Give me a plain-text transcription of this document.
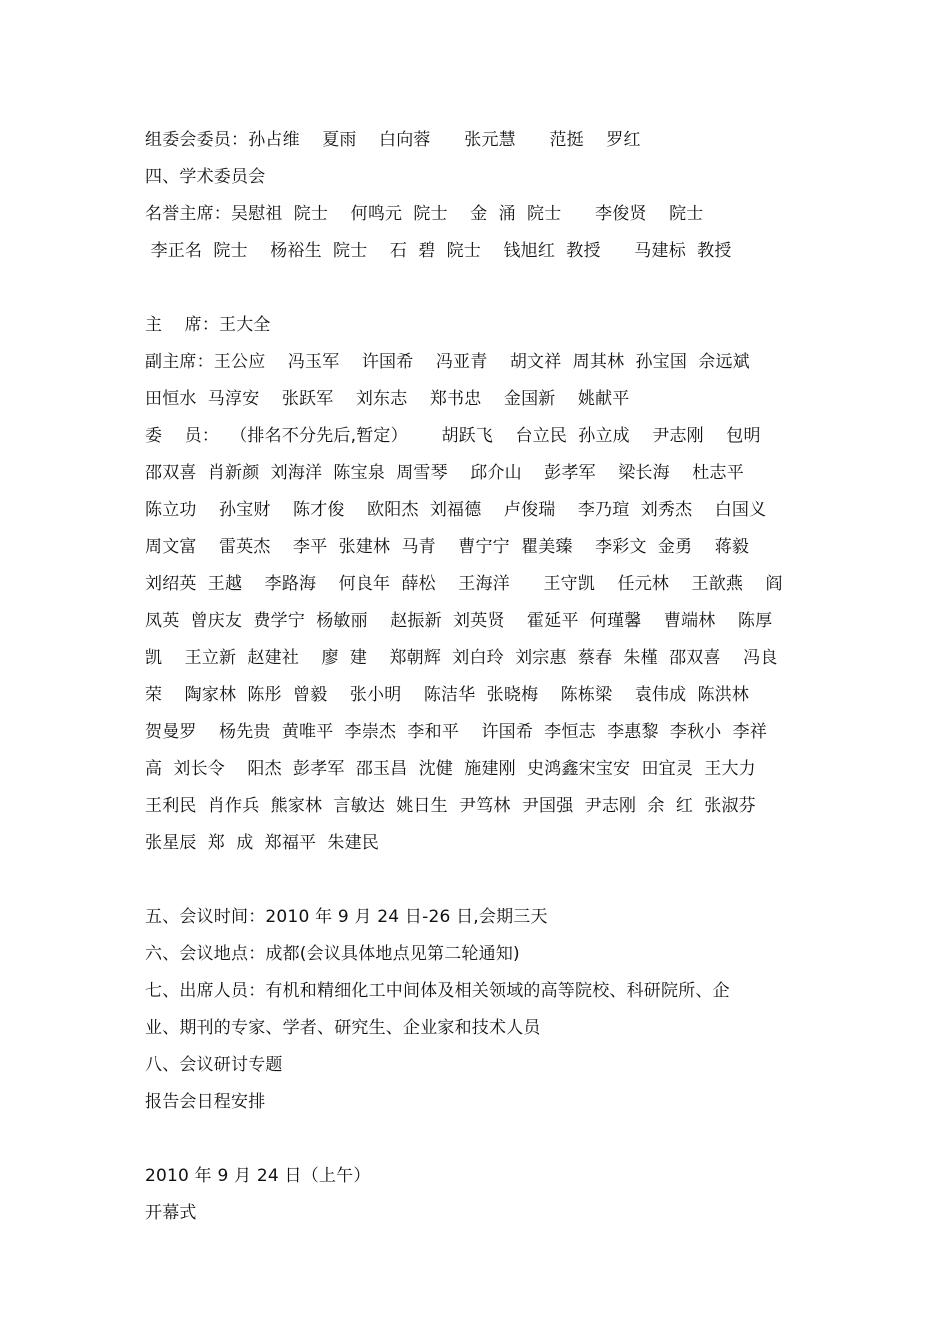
组委会委员：孙占维    夏雨    白向蓉      张元慧      范挺    罗红
四、学术委员会
名誉主席：吴慰祖  院士    何鸣元  院士    金  涌  院士      李俊贤    院士
李正名  院士    杨裕生  院士    石  碧  院士    钱旭红  教授      马建标  教授
主    席：王大全
副主席：王公应    冯玉军    许国希    冯亚青    胡文祥  周其林  孙宝国  佘远斌
田恒水  马淳安    张跃军    刘东志    郑书忠    金国新    姚献平
委    员：  （排名不分先后,暂定）      胡跃飞    台立民  孙立成    尹志刚    包明
邵双喜  肖新颜  刘海洋  陈宝泉  周雪琴    邱介山    彭孝军    梁长海    杜志平
陈立功    孙宝财    陈才俊    欧阳杰  刘福德    卢俊瑞    李乃瑄  刘秀杰    白国义
周文富    雷英杰    李平  张建林  马青    曹宁宁  瞿美臻    李彩文  金勇    蒋毅
刘绍英  王越    李路海    何良年  薛松    王海洋      王守凯    任元林    王歆燕    阎
凤英  曾庆友  费学宁  杨敏丽    赵振新  刘英贤    霍延平  何瑾馨    曹端林    陈厚
凯    王立新  赵建社    廖  建    郑朝辉  刘白玲  刘宗惠  蔡春  朱槿  邵双喜    冯良
荣    陶家林  陈彤  曾毅    张小明    陈洁华  张晓梅    陈栋梁    袁伟成  陈洪林
贺曼罗    杨先贵  黄唯平  李崇杰  李和平    许国希  李恒志  李惠黎  李秋小  李祥
高  刘长令    阳杰  彭孝军  邵玉昌  沈健  施建刚  史鸿鑫宋宝安  田宜灵  王大力
王利民  肖作兵  熊家林  言敏达  姚日生  尹笃林  尹国强  尹志刚  余  红  张淑芬
张星辰  郑  成  郑福平  朱建民
五、会议时间：2010 年 9 月 24 日-26 日,会期三天
六、会议地点：成都(会议具体地点见第二轮通知)
七、出席人员：有机和精细化工中间体及相关领域的高等院校、科研院所、企
业、期刊的专家、学者、研究生、企业家和技术人员
八、会议研讨专题
报告会日程安排
2010 年 9 月 24 日（上午）
开幕式
